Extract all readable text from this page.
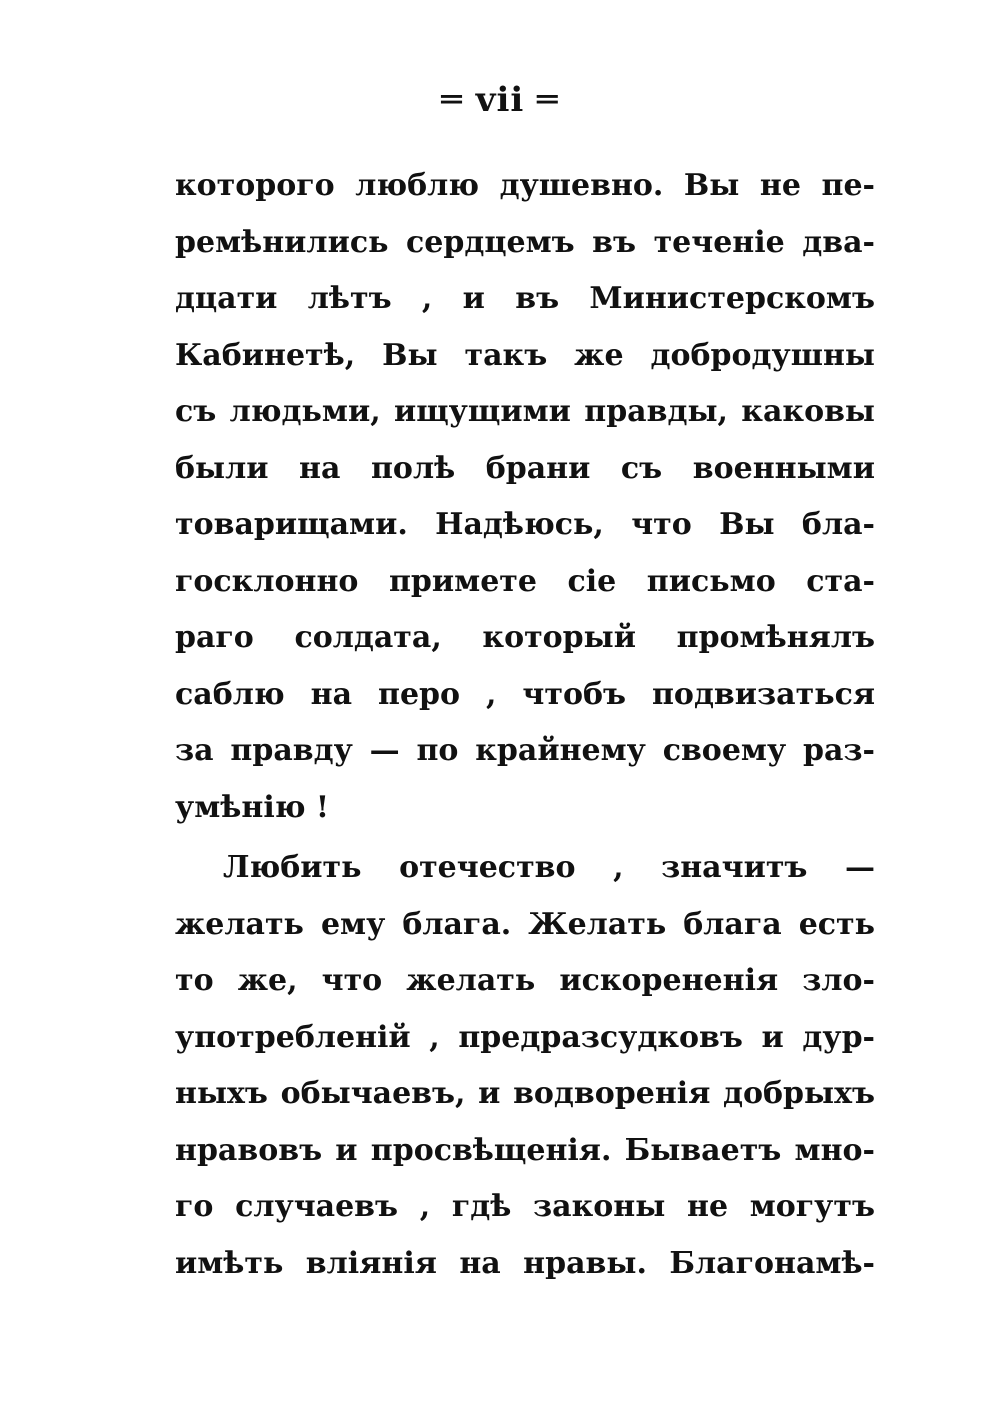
═ vii ═
которого люблю душевно. Вы не пе-
ремѣнились сердцемъ въ теченіе два-
дцати лѣтъ , и въ Министерскомъ
Кабинетѣ, Вы такъ же добродушны
съ людьми, ищущими правды, каковы
были на полѣ брани съ военными
товарищами. Надѣюсь, что Вы бла-
госклонно примете сіе письмо ста-
раго солдата, который промѣнялъ
саблю на перо , чтобъ подвизаться
за правду — по крайнему своему раз-
умѣнію !
Любить отечество , значитъ —
желать ему блага. Желать блага есть
то же, что желать искорененія зло-
употребленій , предразсудковъ и дур-
ныхъ обычаевъ, и водворенія добрыхъ
нравовъ и просвѣщенія. Бываетъ мно-
го случаевъ , гдѣ законы не могутъ
имѣть вліянія на нравы. Благонамѣ-
